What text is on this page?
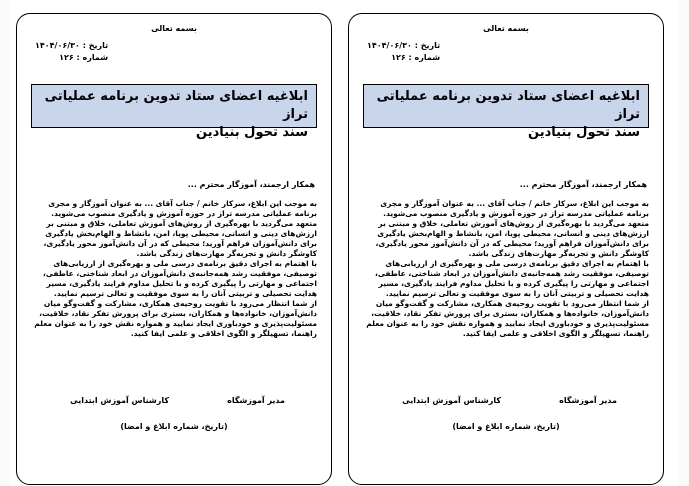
بسمه تعالی
تاریخ : ۱۴۰۴/۰۶/۳۰
شماره : ۱۲۶
ابلاغیه اعضای ستاد تدوین برنامه عملیاتی تراز
سند تحول بنیادین
همکار ارجمند، آموزگار محترم ...

به موجب این ابلاغ، سرکار خانم / جناب آقای ... به عنوان آموزگار و مجری برنامه عملیاتی مدرسه تراز در حوزه آموزش و یادگیری منصوب می‌شوید. متعهد می‌گردید با بهره‌گیری از روش‌های آموزش تعاملی، خلاق و مبتنی بر ارزش‌های دینی و انسانی، محیطی پویا، امن، بانشاط و الهام‌بخش یادگیری برای دانش‌آموزان فراهم آورید؛ محیطی که در آن دانش‌آموز محور یادگیری، کاوشگر دانش و تجربه‌گر مهارت‌های زندگی باشد.

با اهتمام به اجرای دقیق برنامه‌ی درسی ملی و بهره‌گیری از ارزیابی‌های توصیفی، موفقیت رشد همه‌جانبه‌ی دانش‌آموزان در ابعاد شناختی، عاطفی، اجتماعی و مهارتی را پیگیری کرده و با تحلیل مداوم فرایند یادگیری، مسیر هدایت تحصیلی و تربیتی آنان را به سوی موفقیت و تعالی ترسیم نمایید.

از شما انتظار می‌رود با تقویت روحیه‌ی همکاری، مشارکت و گفت‌وگو میان دانش‌آموزان، خانواده‌ها و همکاران، بستری برای پرورش تفکر نقاد، خلاقیت، مسئولیت‌پذیری و خودباوری ایجاد نمایید و همواره نقش خود را به عنوان معلم راهنما، تسهیلگر و الگوی اخلاقی و علمی ایفا کنید.

مدیر آموزشگاه
کارشناس آموزش ابتدایی
(تاریخ، شماره ابلاغ و امضا)
بسمه تعالی
تاریخ : ۱۴۰۴/۰۶/۳۰
شماره : ۱۲۶
ابلاغیه اعضای ستاد تدوین برنامه عملیاتی تراز
سند تحول بنیادین
همکار ارجمند، آموزگار محترم ...

به موجب این ابلاغ، سرکار خانم / جناب آقای ... به عنوان آموزگار و مجری برنامه عملیاتی مدرسه تراز در حوزه آموزش و یادگیری منصوب می‌شوید. متعهد می‌گردید با بهره‌گیری از روش‌های آموزش تعاملی، خلاق و مبتنی بر ارزش‌های دینی و انسانی، محیطی پویا، امن، بانشاط و الهام‌بخش یادگیری برای دانش‌آموزان فراهم آورید؛ محیطی که در آن دانش‌آموز محور یادگیری، کاوشگر دانش و تجربه‌گر مهارت‌های زندگی باشد.

با اهتمام به اجرای دقیق برنامه‌ی درسی ملی و بهره‌گیری از ارزیابی‌های توصیفی، موفقیت رشد همه‌جانبه‌ی دانش‌آموزان در ابعاد شناختی، عاطفی، اجتماعی و مهارتی را پیگیری کرده و با تحلیل مداوم فرایند یادگیری، مسیر هدایت تحصیلی و تربیتی آنان را به سوی موفقیت و تعالی ترسیم نمایید.

از شما انتظار می‌رود با تقویت روحیه‌ی همکاری، مشارکت و گفت‌وگو میان دانش‌آموزان، خانواده‌ها و همکاران، بستری برای پرورش تفکر نقاد، خلاقیت، مسئولیت‌پذیری و خودباوری ایجاد نمایید و همواره نقش خود را به عنوان معلم راهنما، تسهیلگر و الگوی اخلاقی و علمی ایفا کنید.

مدیر آموزشگاه
کارشناس آموزش ابتدایی
(تاریخ، شماره ابلاغ و امضا)
